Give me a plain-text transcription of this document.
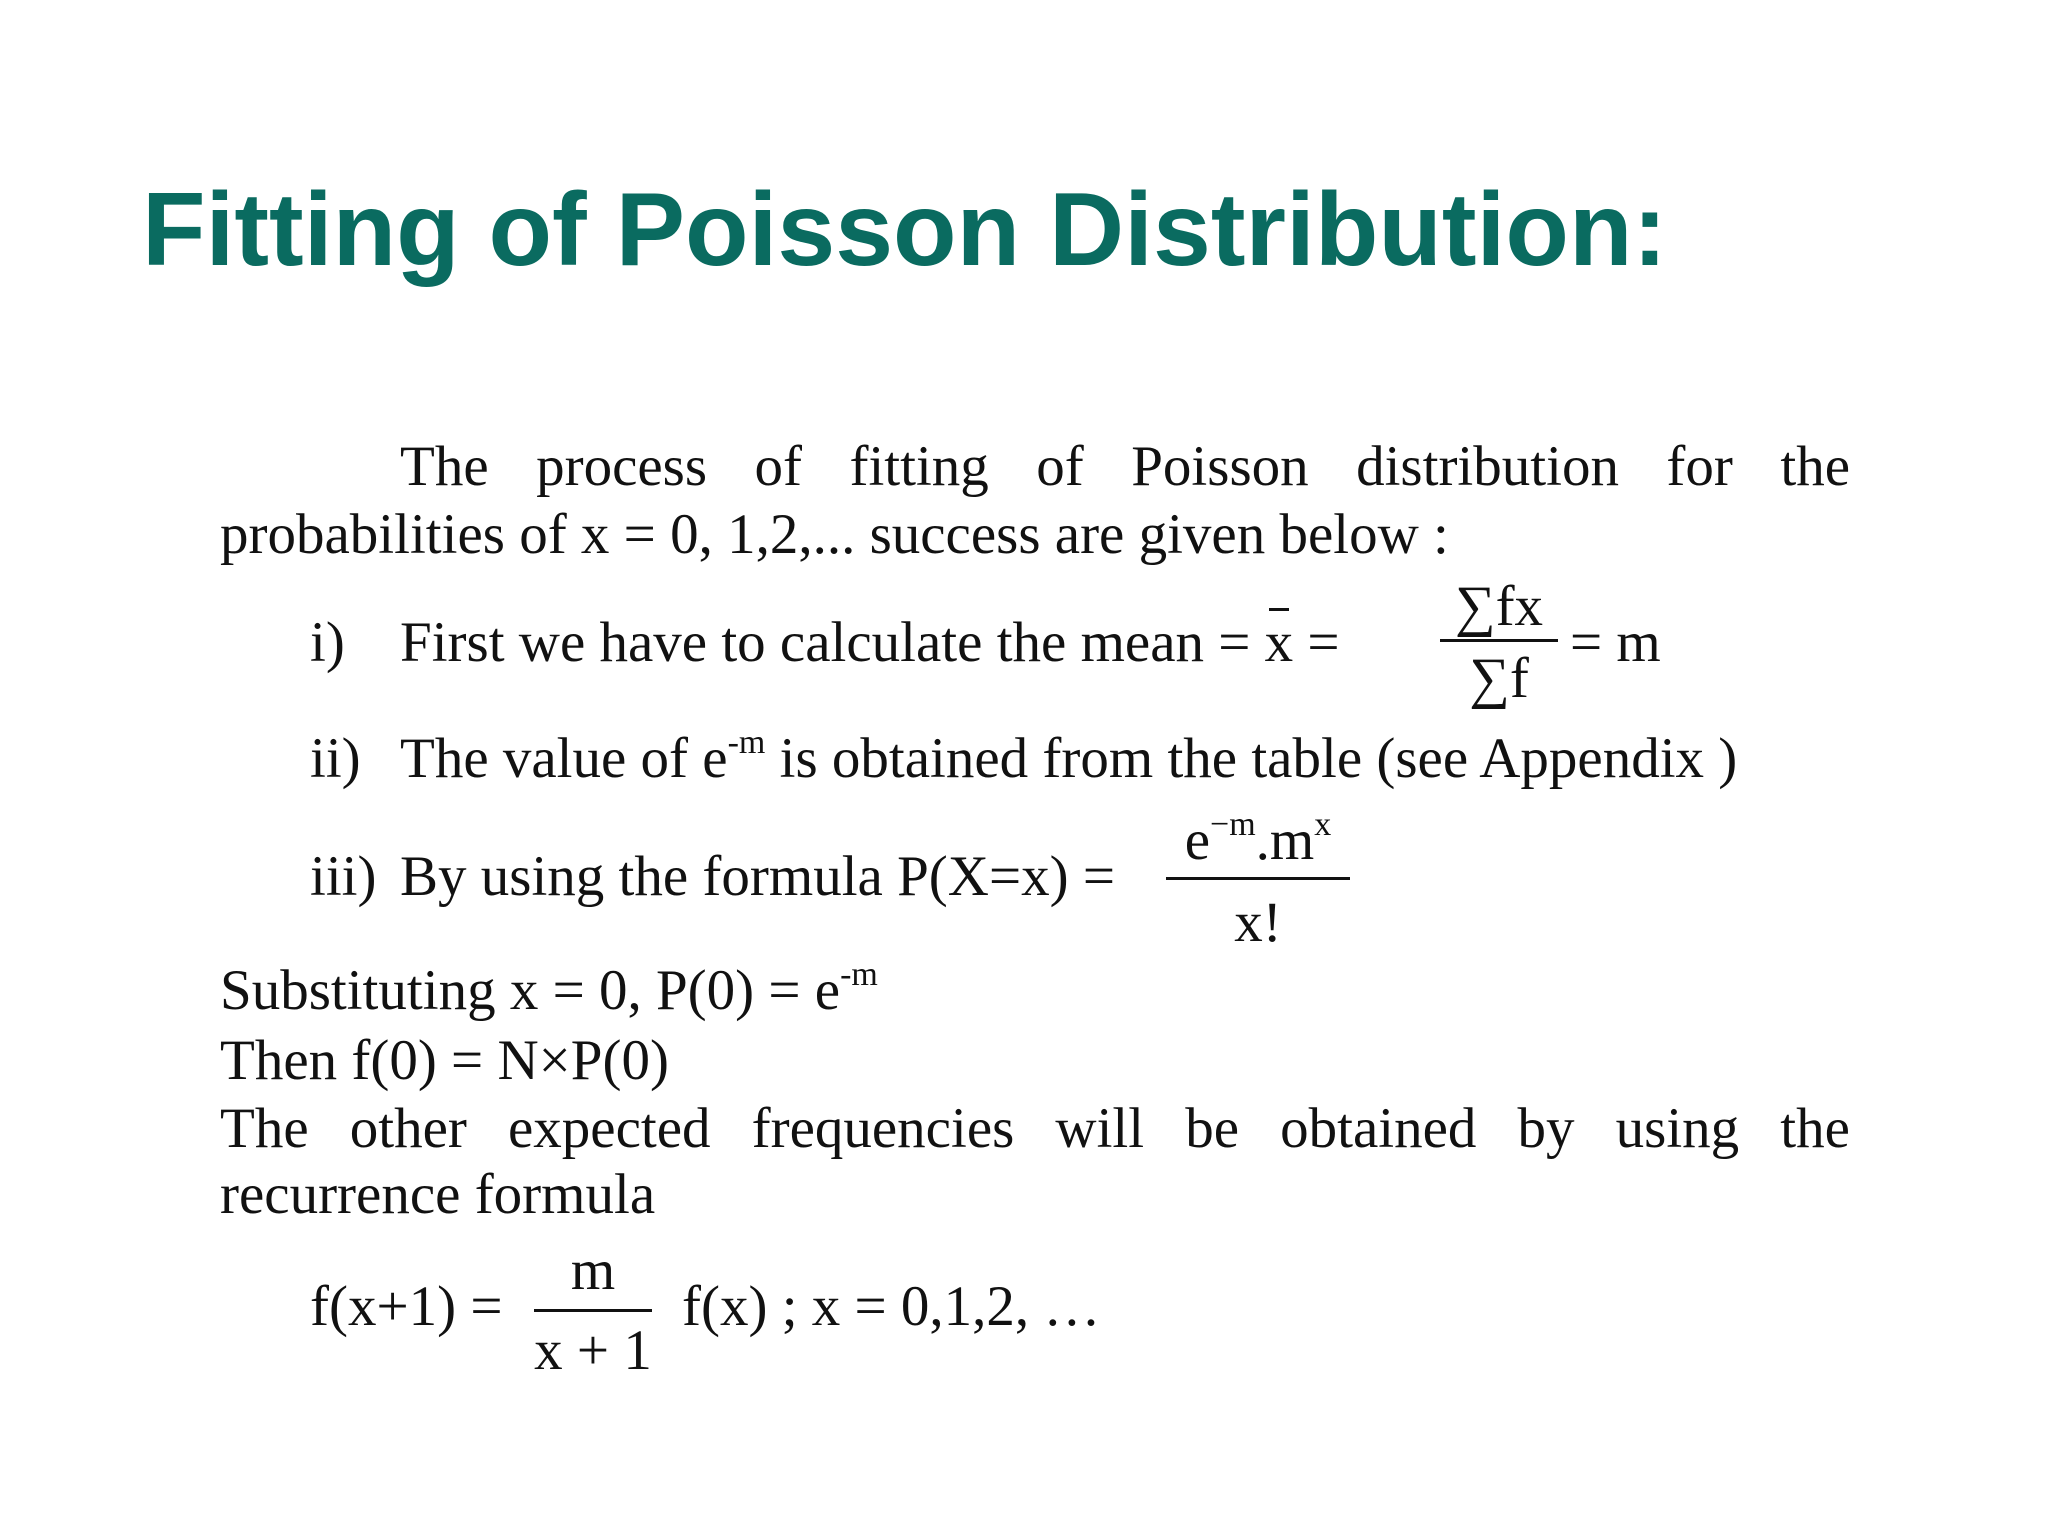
Fitting of Poisson Distribution:
The process of fitting of Poisson distribution for the
probabilities of x = 0, 1,2,... success are given below :
i) First we have to calculate the mean = x =
∑fx
∑f
= m
ii) The value of $e^{-m}$ is obtained from the table (see Appendix )
iii) By using the formula P(X=x) =
$e^{-m}.m^x$
x!
Substituting x = 0, $P(0) = e^{-m}$
Then f(0) = N×P(0)
The other expected frequencies will be obtained by using the
recurrence formula
f(x+1) =
m
x + 1
f(x) ; x = 0,1,2, …
